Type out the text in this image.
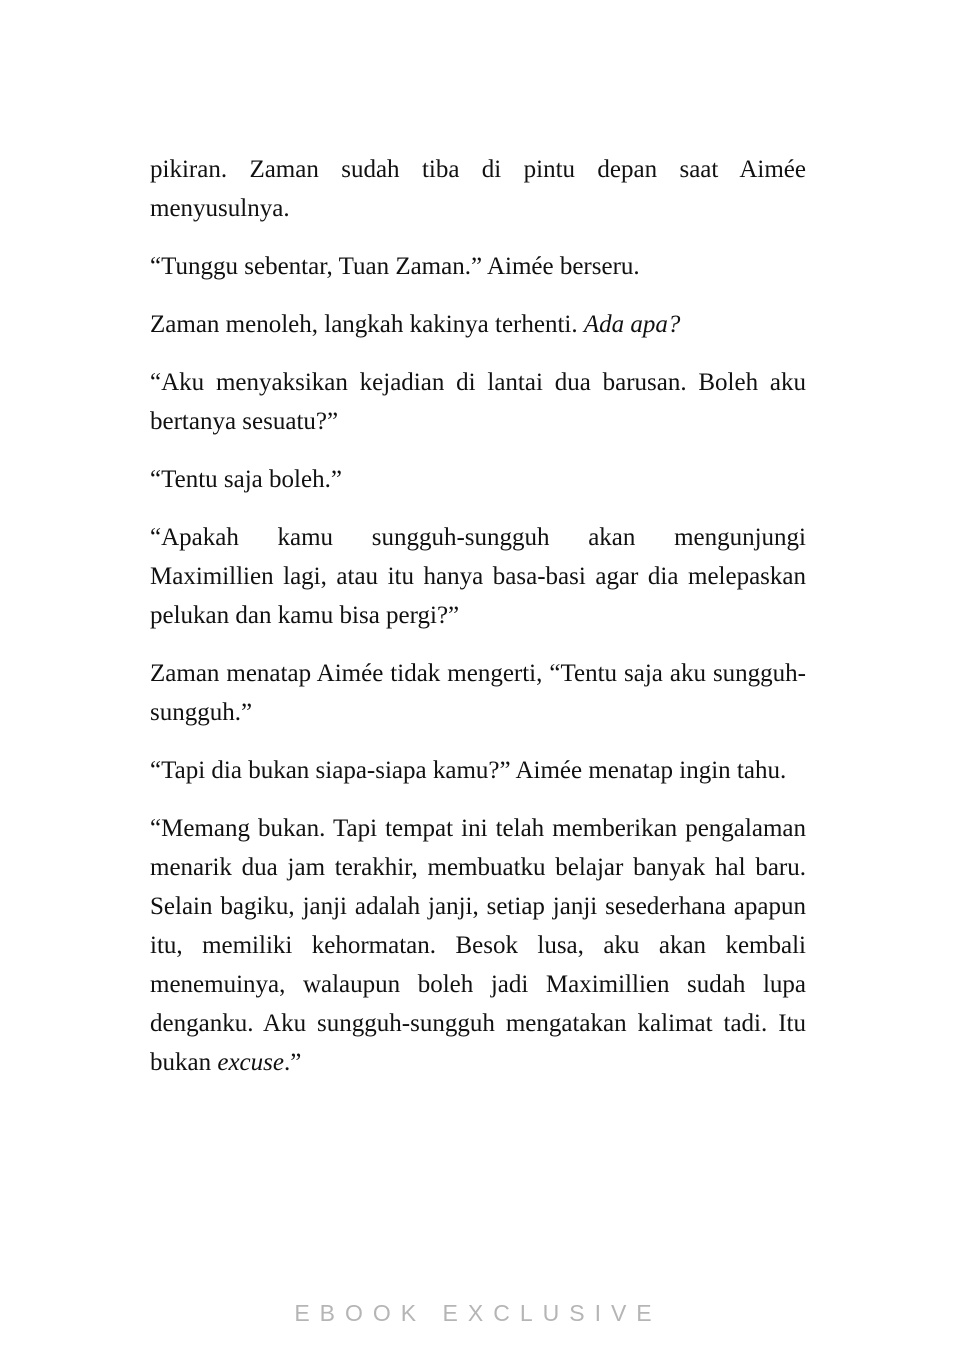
pikiran. Zaman sudah tiba di pintu depan saat Aimée menyusulnya.

“Tunggu sebentar, Tuan Zaman.” Aimée berseru.

Zaman menoleh, langkah kakinya terhenti. Ada apa?

“Aku menyaksikan kejadian di lantai dua barusan. Boleh aku bertanya sesuatu?”

“Tentu saja boleh.”

“Apakah kamu sungguh-sungguh akan mengunjungi Maximillien lagi, atau itu hanya basa-basi agar dia melepaskan pelukan dan kamu bisa pergi?”

Zaman menatap Aimée tidak mengerti, “Tentu saja aku sungguh-sungguh.”

“Tapi dia bukan siapa-siapa kamu?” Aimée menatap ingin tahu.

“Memang bukan. Tapi tempat ini telah memberikan pengalaman menarik dua jam terakhir, membuatku belajar banyak hal baru. Selain bagiku, janji adalah janji, setiap janji sesederhana apapun itu, memiliki kehormatan. Besok lusa, aku akan kembali menemuinya, walaupun boleh jadi Maximillien sudah lupa denganku. Aku sungguh-sungguh mengatakan kalimat tadi. Itu bukan excuse.”

EBOOK EXCLUSIVE
